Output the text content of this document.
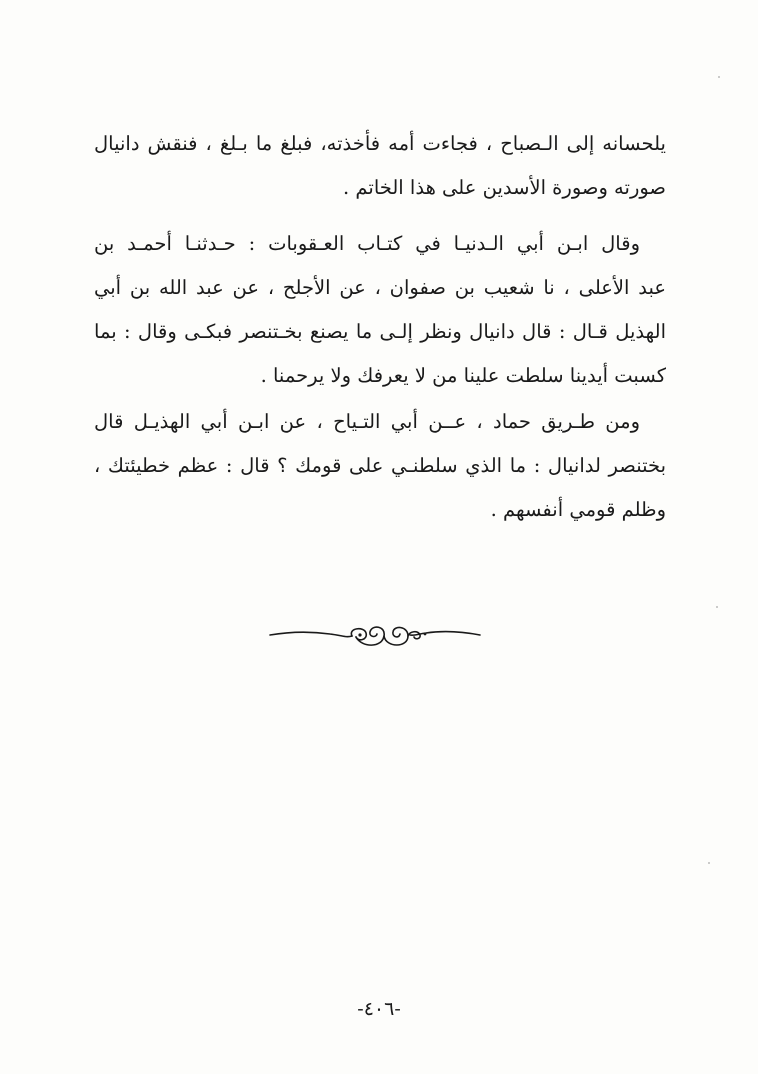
يلحسانه إلى الـصباح ، فجاءت أمه فأخذته، فبلغ ما بـلغ ، فنقش دانيال
صورته وصورة الأسدين على هذا الخاتم .
وقال ابـن أبي الـدنيـا في كتـاب العـقوبات : حـدثنـا أحمـد بن
عبد الأعلى ، نا شعيب بن صفوان ، عن الأجلح ، عن عبد الله بن أبي
الهذيل قـال : قال دانيال ونظر إلـى ما يصنع بخـتنصر فبكـى وقال : بما
كسبت أيدينا سلطت علينا من لا يعرفك ولا يرحمنا .
ومن طـريق حماد ، عــن أبي التـياح ، عن ابـن أبي الهذيـل قال
بختنصر لدانيال : ما الذي سلطنـي على قومك ؟ قال : عظم خطيئتك ،
وظلم قومي أنفسهم .
-٤٠٦-
